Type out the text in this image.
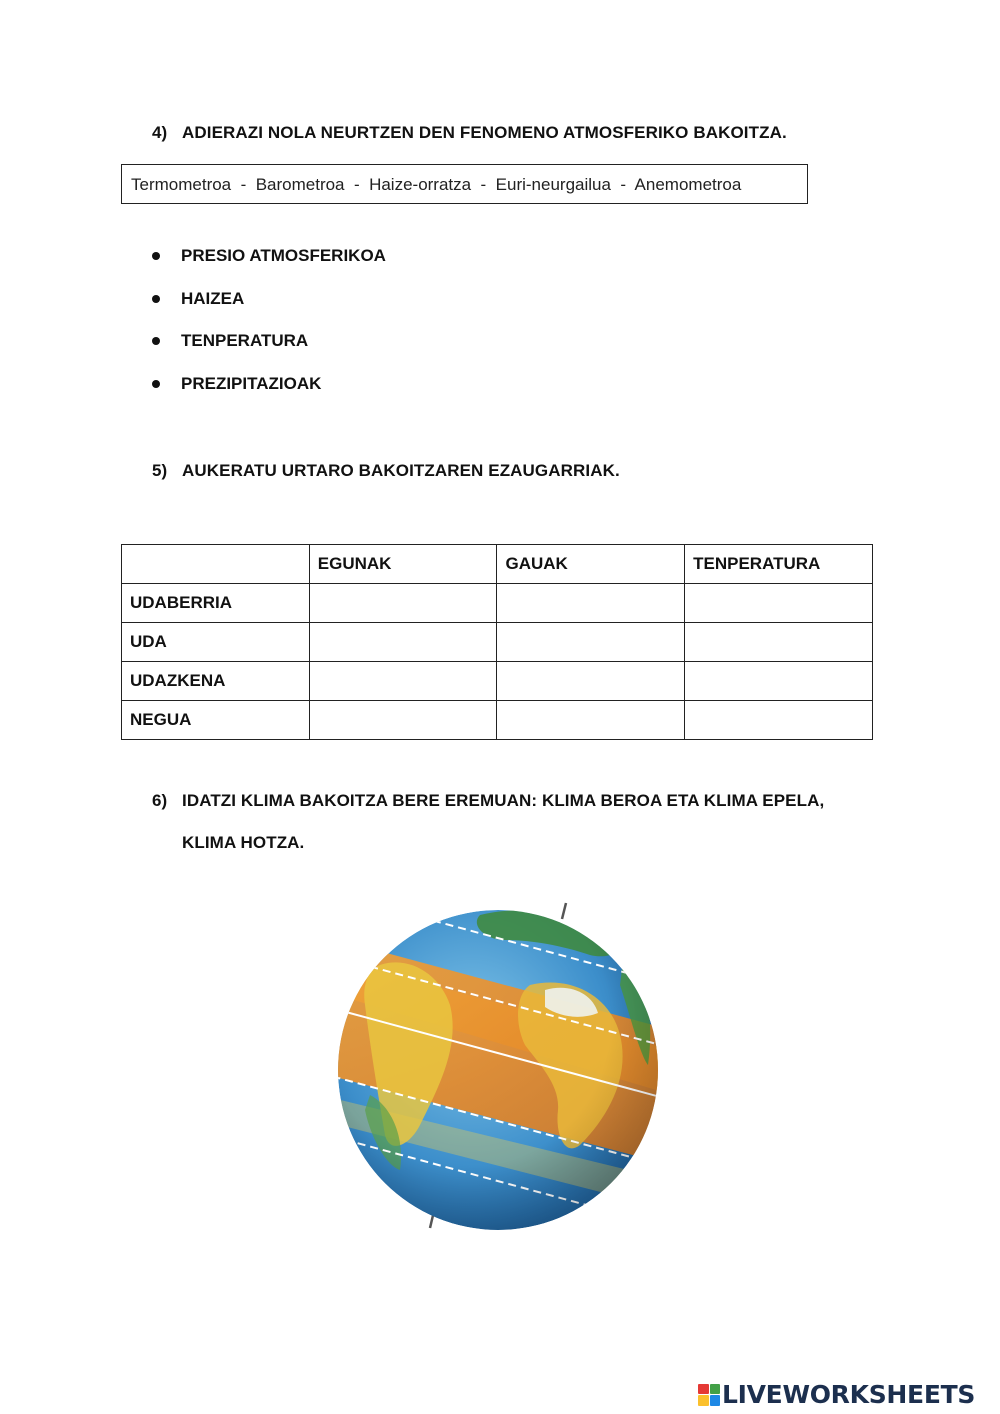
4) ADIERAZI NOLA NEURTZEN DEN FENOMENO ATMOSFERIKO BAKOITZA.
Termometroa  -  Barometroa  -  Haize-orratza  -  Euri-neurgailua  -  Anemometroa
PRESIO ATMOSFERIKOA
HAIZEA
TENPERATURA
PREZIPITAZIOAK
5) AUKERATU URTARO BAKOITZAREN EZAUGARRIAK.
	EGUNAK	GAUAK	TENPERATURA
UDABERRIA			
UDA			
UDAZKENA			
NEGUA			
6) IDATZI KLIMA BAKOITZA BERE EREMUAN: KLIMA BEROA ETA KLIMA EPELA,
KLIMA HOTZA.
LIVEWORKSHEETS
